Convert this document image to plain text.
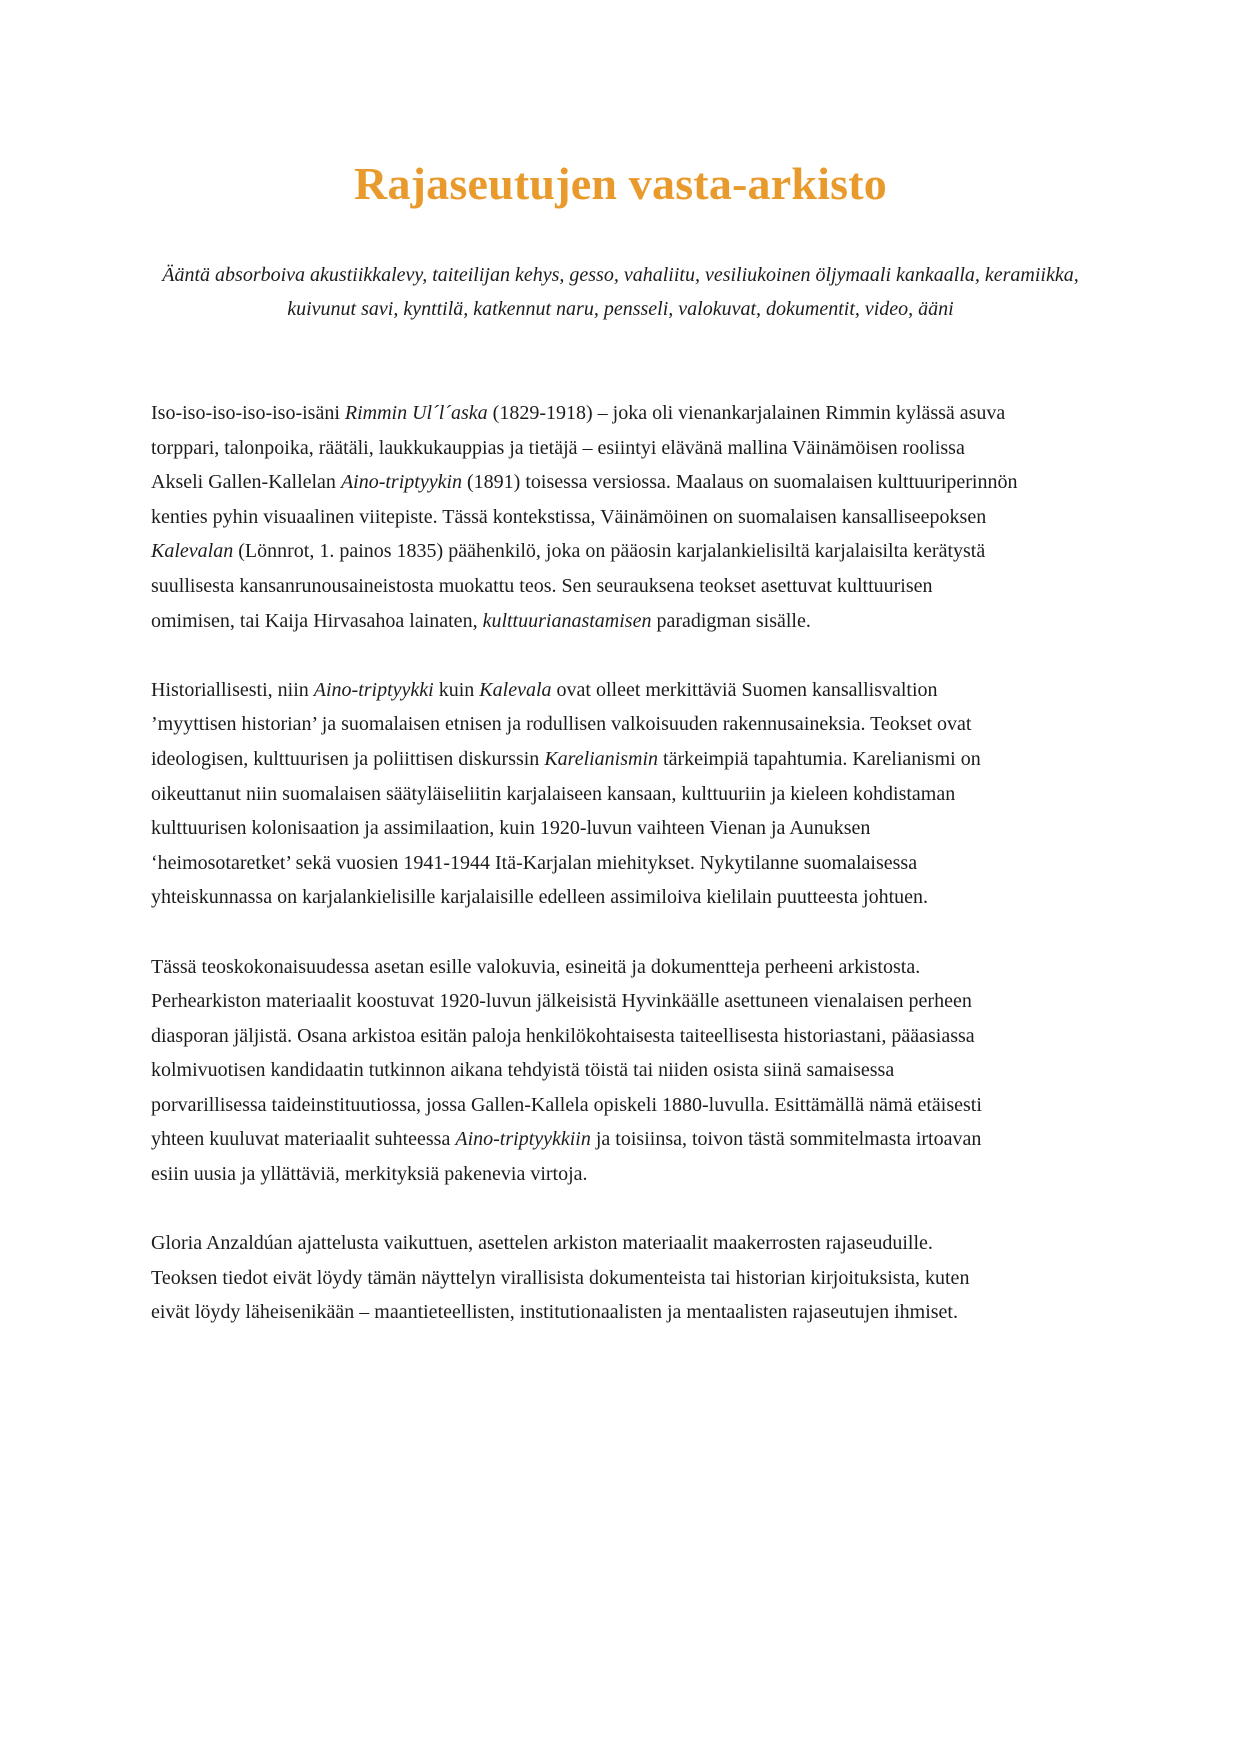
Rajaseutujen vasta-arkisto

Ääntä absorboiva akustiikkalevy, taiteilijan kehys, gesso, vahaliitu, vesiliukoinen öljymaali kankaalla, keramiikka,
kuivunut savi, kynttilä, katkennut naru, pensseli, valokuvat, dokumentit, video, ääni

Iso-iso-iso-iso-iso-isäni Rimmin Ul´l´aska (1829-1918) – joka oli vienankarjalainen Rimmin kylässä asuva
torppari, talonpoika, räätäli, laukkukauppias ja tietäjä – esiintyi elävänä mallina Väinämöisen roolissa
Akseli Gallen-Kallelan Aino-triptyykin (1891) toisessa versiossa. Maalaus on suomalaisen kulttuuriperinnön
kenties pyhin visuaalinen viitepiste. Tässä kontekstissa, Väinämöinen on suomalaisen kansalliseepoksen
Kalevalan (Lönnrot, 1. painos 1835) päähenkilö, joka on pääosin karjalankielisiltä karjalaisilta kerätystä
suullisesta kansanrunousaineistosta muokattu teos. Sen seurauksena teokset asettuvat kulttuurisen
omimisen, tai Kaija Hirvasahoa lainaten, kulttuurianastamisen paradigman sisälle.

Historiallisesti, niin Aino-triptyykki kuin Kalevala ovat olleet merkittäviä Suomen kansallisvaltion
’myyttisen historian’ ja suomalaisen etnisen ja rodullisen valkoisuuden rakennusaineksia. Teokset ovat
ideologisen, kulttuurisen ja poliittisen diskurssin Karelianismin tärkeimpiä tapahtumia. Karelianismi on
oikeuttanut niin suomalaisen säätyläiseliitin karjalaiseen kansaan, kulttuuriin ja kieleen kohdistaman
kulttuurisen kolonisaation ja assimilaation, kuin 1920-luvun vaihteen Vienan ja Aunuksen
‘heimosotaretket’ sekä vuosien 1941-1944 Itä-Karjalan miehitykset. Nykytilanne suomalaisessa
yhteiskunnassa on karjalankielisille karjalaisille edelleen assimiloiva kielilain puutteesta johtuen.

Tässä teoskokonaisuudessa asetan esille valokuvia, esineitä ja dokumentteja perheeni arkistosta.
Perhearkiston materiaalit koostuvat 1920-luvun jälkeisistä Hyvinkäälle asettuneen vienalaisen perheen
diasporan jäljistä. Osana arkistoa esitän paloja henkilökohtaisesta taiteellisesta historiastani, pääasiassa
kolmivuotisen kandidaatin tutkinnon aikana tehdyistä töistä tai niiden osista siinä samaisessa
porvarillisessa taideinstituutiossa, jossa Gallen-Kallela opiskeli 1880-luvulla. Esittämällä nämä etäisesti
yhteen kuuluvat materiaalit suhteessa Aino-triptyykkiin ja toisiinsa, toivon tästä sommitelmasta irtoavan
esiin uusia ja yllättäviä, merkityksiä pakenevia virtoja.

Gloria Anzaldúan ajattelusta vaikuttuen, asettelen arkiston materiaalit maakerrosten rajaseuduille.
Teoksen tiedot eivät löydy tämän näyttelyn virallisista dokumenteista tai historian kirjoituksista, kuten
eivät löydy läheisenikään – maantieteellisten, institutionaalisten ja mentaalisten rajaseutujen ihmiset.
